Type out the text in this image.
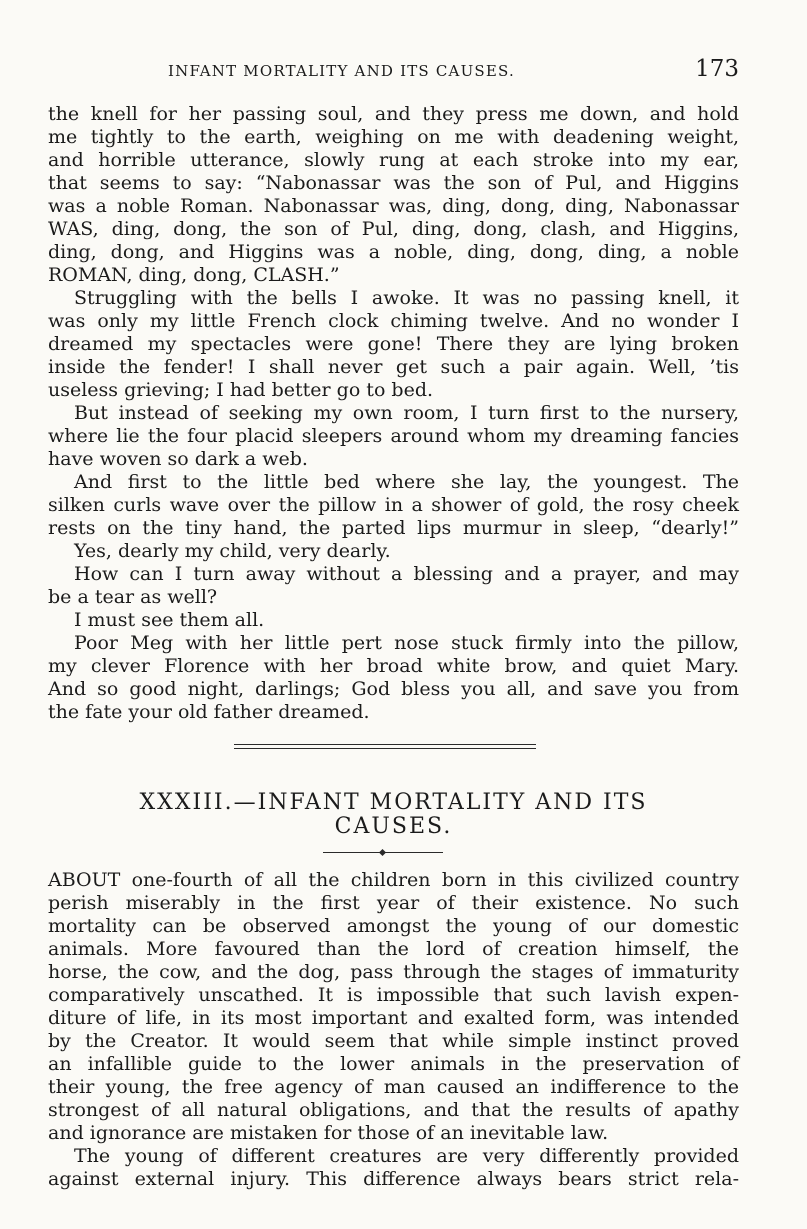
INFANT MORTALITY AND ITS CAUSES.	173
the knell for her passing soul, and they press me down, and hold
me tightly to the earth, weighing on me with deadening weight,
and horrible utterance, slowly rung at each stroke into my ear,
that seems to say: “Nabonassar was the son of Pul, and Higgins
was a noble Roman. Nabonassar was, ding, dong, ding, Nabonassar
WAS, ding, dong, the son of Pul, ding, dong, clash, and Higgins,
ding, dong, and Higgins was a noble, ding, dong, ding, a noble
ROMAN, ding, dong, CLASH.”
Struggling with the bells I awoke. It was no passing knell, it
was only my little French clock chiming twelve. And no wonder I
dreamed my spectacles were gone! There they are lying broken
inside the fender! I shall never get such a pair again. Well, ’tis
useless grieving; I had better go to bed.
But instead of seeking my own room, I turn first to the nursery,
where lie the four placid sleepers around whom my dreaming fancies
have woven so dark a web.
And first to the little bed where she lay, the youngest. The
silken curls wave over the pillow in a shower of gold, the rosy cheek
rests on the tiny hand, the parted lips murmur in sleep, “dearly!”
Yes, dearly my child, very dearly.
How can I turn away without a blessing and a prayer, and may
be a tear as well?
I must see them all.
Poor Meg with her little pert nose stuck firmly into the pillow,
my clever Florence with her broad white brow, and quiet Mary.
And so good night, darlings; God bless you all, and save you from
the fate your old father dreamed.
XXXIII.—INFANT MORTALITY AND ITS
CAUSES.
ABOUT one-fourth of all the children born in this civilized country
perish miserably in the first year of their existence. No such
mortality can be observed amongst the young of our domestic
animals. More favoured than the lord of creation himself, the
horse, the cow, and the dog, pass through the stages of immaturity
comparatively unscathed. It is impossible that such lavish expen-
diture of life, in its most important and exalted form, was intended
by the Creator. It would seem that while simple instinct proved
an infallible guide to the lower animals in the preservation of
their young, the free agency of man caused an indifference to the
strongest of all natural obligations, and that the results of apathy
and ignorance are mistaken for those of an inevitable law.
The young of different creatures are very differently provided
against external injury. This difference always bears strict rela-
